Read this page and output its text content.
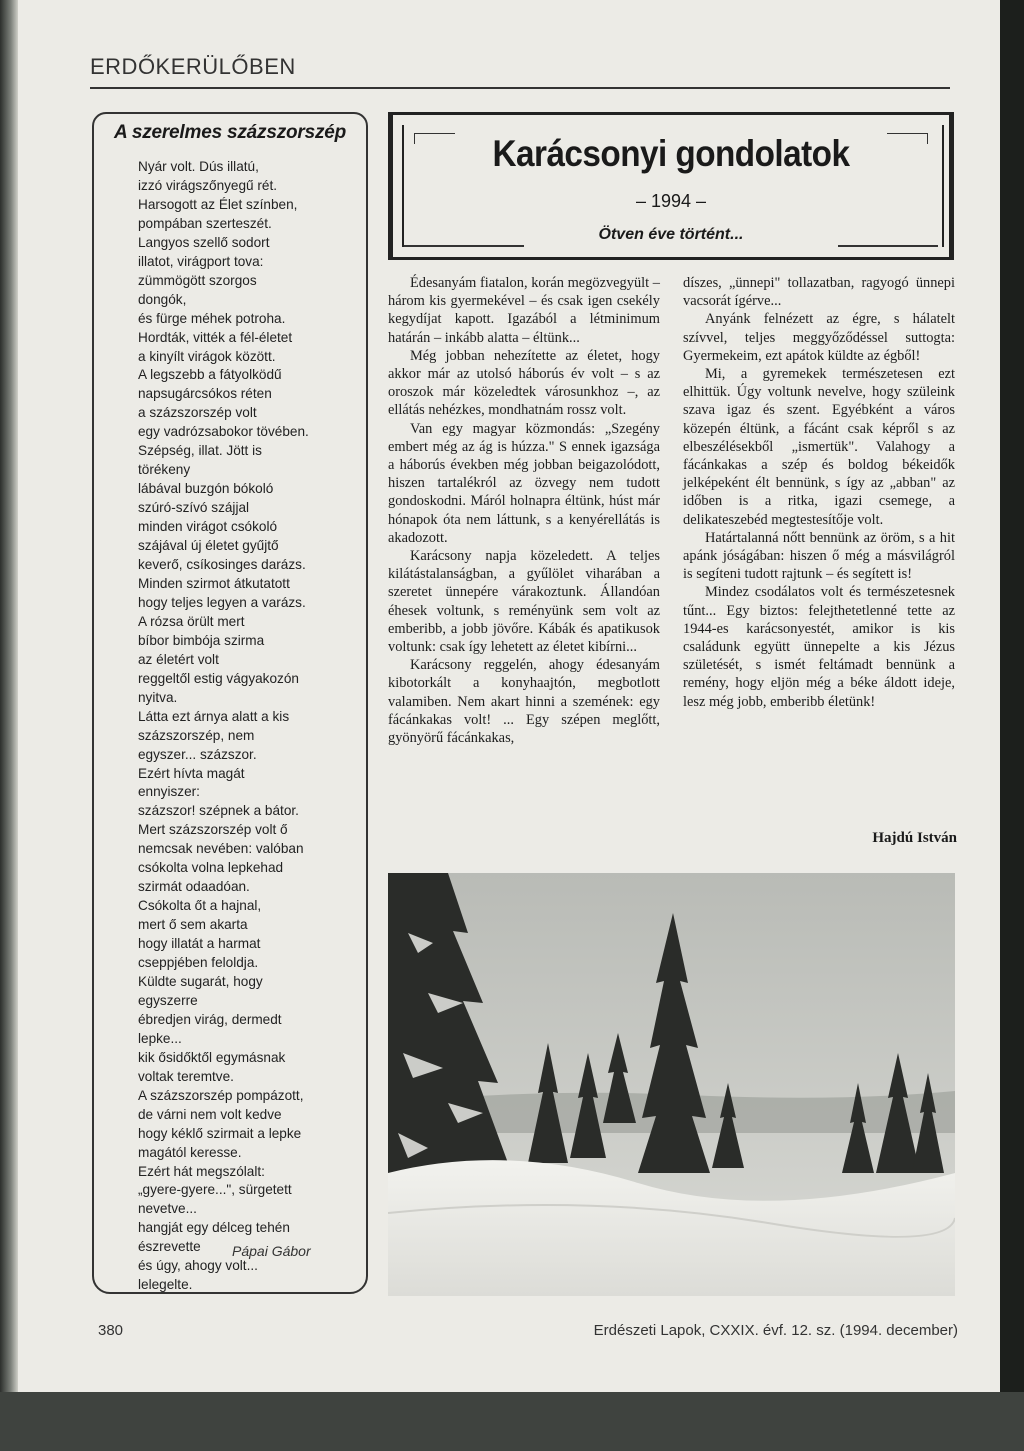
ERDŐKERÜLŐBEN
A szerelmes százszorszép
Nyár volt. Dús illatú,
izzó virágszőnyegű rét.
Harsogott az Élet színben,
pompában szerteszét.
Langyos szellő sodort
illatot, virágport tova:
zümmögött szorgos
dongók,
és fürge méhek potroha.
Hordták, vitték a fél-életet
a kinyílt virágok között.
A legszebb a fátyolködű
napsugárcsókos réten
a százszorszép volt
egy vadrózsabokor tövében.
Szépség, illat. Jött is
törékeny
lábával buzgón bókoló
szúró-szívó szájjal
minden virágot csókoló
szájával új életet gyűjtő
keverő, csíkosinges darázs.
Minden szirmot átkutatott
hogy teljes legyen a varázs.
A rózsa örült mert
bíbor bimbója szirma
az életért volt
reggeltől estig vágyakozón
nyitva.
Látta ezt árnya alatt a kis
százszorszép, nem
egyszer... százszor.
Ezért hívta magát
ennyiszer:
százszor! szépnek a bátor.
Mert százszorszép volt ő
nemcsak nevében: valóban
csókolta volna lepkehad
szirmát odaadóan.
Csókolta őt a hajnal,
mert ő sem akarta
hogy illatát a harmat
cseppjében feloldja.
Küldte sugarát, hogy
egyszerre
ébredjen virág, dermedt
lepke...
kik ősidőktől egymásnak
voltak teremtve.
A százszorszép pompázott,
de várni nem volt kedve
hogy kéklő szirmait a lepke
magától keresse.
Ezért hát megszólalt:
„gyere-gyere...", sürgetett
nevetve...
hangját egy délceg tehén
észrevette
és úgy, ahogy volt...
lelegelte.
Pápai Gábor
Karácsonyi gondolatok
– 1994 –
Ötven éve történt...

Édesanyám fiatalon, korán megözvegyült – három kis gyermekével – és csak igen csekély kegydíjat kapott. Igazából a létminimum határán – inkább alatta – éltünk...

Még jobban nehezítette az életet, hogy akkor már az utolsó háborús év volt – s az oroszok már közeledtek városunkhoz –, az ellátás nehézkes, mondhatnám rossz volt.

Van egy magyar közmondás: „Szegény embert még az ág is húzza." S ennek igazsága a háborús években még jobban beigazolódott, hiszen tartalékról az özvegy nem tudott gondoskodni. Máról holnapra éltünk, húst már hónapok óta nem láttunk, s a kenyérellátás is akadozott.

Karácsony napja közeledett. A teljes kilátástalanságban, a gyűlölet viharában a szeretet ünnepére várakoztunk. Állandóan éhesek voltunk, s reményünk sem volt az emberibb, a jobb jövőre. Kábák és apatikusok voltunk: csak így lehetett az életet kibírni...

Karácsony reggelén, ahogy édesanyám kibotorkált a konyhaajtón, megbotlott valamiben. Nem akart hinni a szemének: egy fácánkakas volt! ... Egy szépen meglőtt, gyönyörű fácánkakas,

díszes, „ünnepi" tollazatban, ragyogó ünnepi vacsorát ígérve...

Anyánk felnézett az égre, s hálatelt szívvel, teljes meggyőződéssel suttogta: Gyermekeim, ezt apátok küldte az égből!

Mi, a gyremekek természetesen ezt elhittük. Úgy voltunk nevelve, hogy szüleink szava igaz és szent. Egyébként a város közepén éltünk, a fácánt csak képről s az elbeszélésekből „ismertük". Valahogy a fácánkakas a szép és boldog békeidők jelképeként élt bennünk, s így az „abban" az időben is a ritka, igazi csemege, a delikateszebéd megtestesítője volt.

Határtalanná nőtt bennünk az öröm, s a hit apánk jóságában: hiszen ő még a másvilágról is segíteni tudott rajtunk – és segített is!

Mindez csodálatos volt és természetesnek tűnt... Egy biztos: felejthetetlenné tette az 1944-es karácsonyestét, amikor is kis családunk együtt ünnepelte a kis Jézus születését, s ismét feltámadt bennünk a remény, hogy eljön még a béke áldott ideje, lesz még jobb, emberibb életünk!

Hajdú István
380	Erdészeti Lapok, CXXIX. évf. 12. sz. (1994. december)
